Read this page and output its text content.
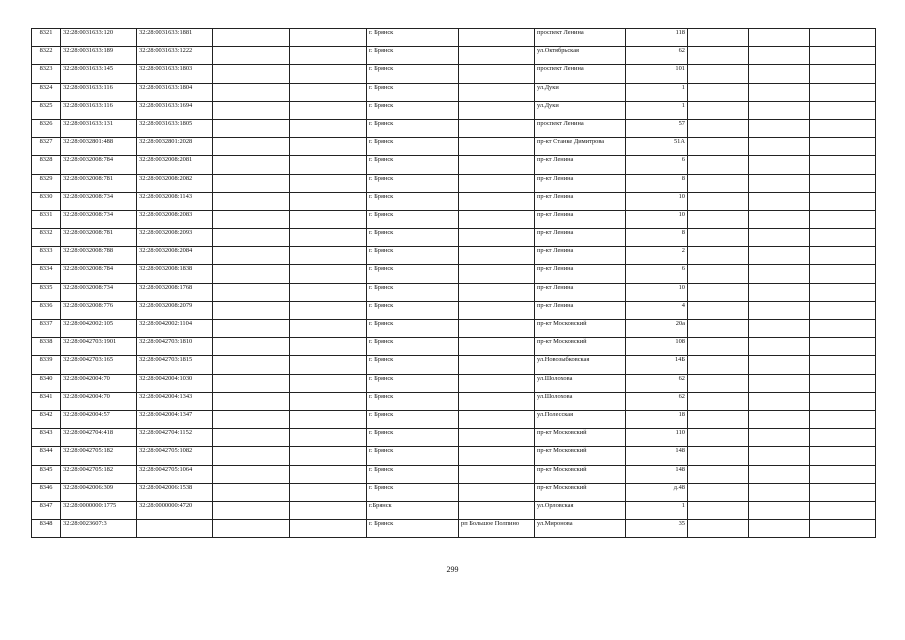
8321	32:28:0031633:120	32:28:0031633:1881			г. Брянск		проспект Ленина	118			
8322	32:28:0031633:189	32:28:0031633:1222			г. Брянск		ул.Октябрьская	62			
8323	32:28:0031633:145	32:28:0031633:1803			г. Брянск		проспект Ленина	101			
8324	32:28:0031633:116	32:28:0031633:1804			г. Брянск		ул.Дуки	1			
8325	32:28:0031633:116	32:28:0031633:1694			г. Брянск		ул.Дуки	1			
8326	32:28:0031633:131	32:28:0031633:1805			г. Брянск		проспект Ленина	57			
8327	32:28:0032801:488	32:28:0032801:2028			г. Брянск		пр-кт Станке Димитрова	51А			
8328	32:28:0032008:784	32:28:0032008:2081			г. Брянск		пр-кт Ленина	6			
8329	32:28:0032008:781	32:28:0032008:2082			г. Брянск		пр-кт Ленина	8			
8330	32:28:0032008:734	32:28:0032008:1143			г. Брянск		пр-кт Ленина	10			
8331	32:28:0032008:734	32:28:0032008:2083			г. Брянск		пр-кт Ленина	10			
8332	32:28:0032008:781	32:28:0032008:2093			г. Брянск		пр-кт Ленина	8			
8333	32:28:0032008:788	32:28:0032008:2084			г. Брянск		пр-кт Ленина	2			
8334	32:28:0032008:784	32:28:0032008:1838			г. Брянск		пр-кт Ленина	6			
8335	32:28:0032008:734	32:28:0032008:1768			г. Брянск		пр-кт Ленина	10			
8336	32:28:0032008:776	32:28:0032008:2079			г. Брянск		пр-кт Ленина	4			
8337	32:28:0042002:105	32:28:0042002:1104			г. Брянск		пр-кт Московский	20а			
8338	32:28:0042703:1901	32:28:0042703:1810			г. Брянск		пр-кт Московский	108			
8339	32:28:0042703:165	32:28:0042703:1815			г. Брянск		ул.Новозыбковская	14Б			
8340	32:28:0042004:70	32:28:0042004:1030			г. Брянск		ул.Шолохова	62			
8341	32:28:0042004:70	32:28:0042004:1343			г. Брянск		ул.Шолохова	62			
8342	32:28:0042004:57	32:28:0042004:1347			г. Брянск		ул.Полесская	18			
8343	32:28:0042704:418	32:28:0042704:1152			г. Брянск		пр-кт Московский	110			
8344	32:28:0042705:182	32:28:0042705:1082			г. Брянск		пр-кт Московский	148			
8345	32:28:0042705:182	32:28:0042705:1064			г. Брянск		пр-кт Московский	148			
8346	32:28:0042006:309	32:28:0042006:1538			г. Брянск		пр-кт Московский	д.48			
8347	32:28:0000000:1775	32:28:0000000:4720			г.Брянск		ул.Орловская	1			
8348	32:28:0023607:3				г. Брянск	рп Большое Полпино	ул.Миронова	35			
299
